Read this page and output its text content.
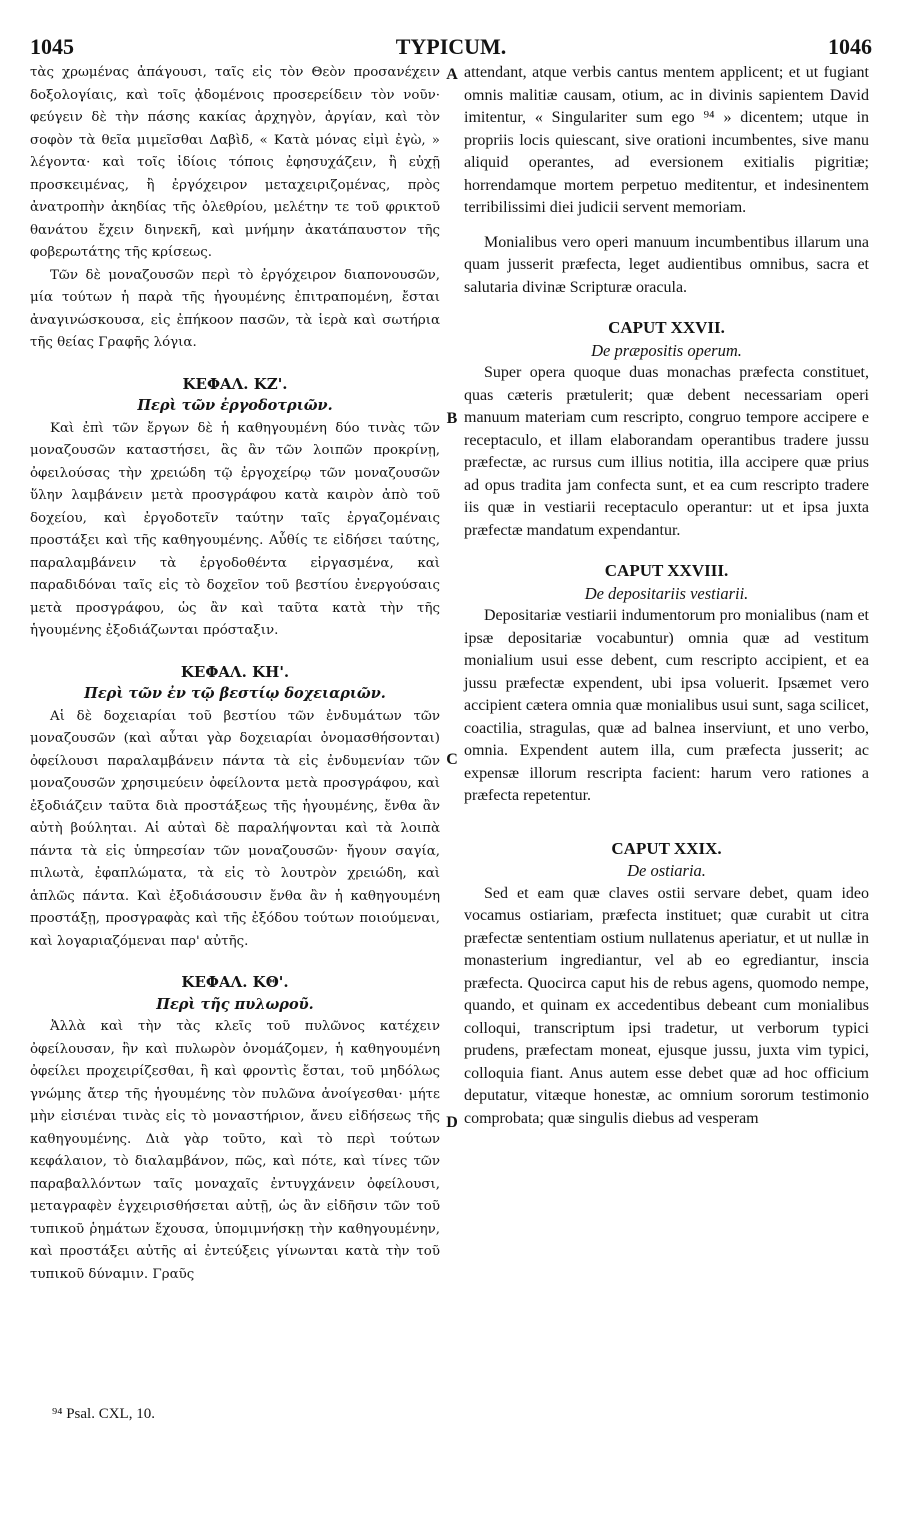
1045	TYPICUM.	1046

τὰς χρωμένας ἀπάγουσι, ταῖς εἰς τὸν Θεὸν προσανέχειν δοξολογίαις, καὶ τοῖς ᾀδομένοις προσερείδειν τὸν νοῦν· φεύγειν δὲ τὴν πάσης κακίας ἀρχηγὸν, ἀργίαν, καὶ τὸν σοφὸν τὰ θεῖα μιμεῖσθαι Δαβὶδ, « Κατὰ μόνας εἰμὶ ἐγὼ, » λέγοντα· καὶ τοῖς ἰδίοις τόποις ἐφησυχάζειν, ἢ εὐχῇ προσκειμένας, ἢ ἐργόχειρον μεταχειριζομένας, πρὸς ἀνατροπὴν ἀκηδίας τῆς ὀλεθρίου, μελέτην τε τοῦ φρικτοῦ θανάτου ἔχειν διηνεκῆ, καὶ μνήμην ἀκατάπαυστον τῆς φοβερωτάτης τῆς κρίσεως.

Τῶν δὲ μοναζουσῶν περὶ τὸ ἐργόχειρον διαπονουσῶν, μία τούτων ἡ παρὰ τῆς ἡγουμένης ἐπιτραπομένη, ἔσται ἀναγινώσκουσα, εἰς ἐπήκοον πασῶν, τὰ ἱερὰ καὶ σωτήρια τῆς θείας Γραφῆς λόγια.

ΚΕΦΑΛ. ΚΖ'.
Περὶ τῶν ἐργοδοτριῶν.

Καὶ ἐπὶ τῶν ἔργων δὲ ἡ καθηγουμένη δύο τινὰς τῶν μοναζουσῶν καταστήσει, ἃς ἂν τῶν λοιπῶν προκρίνῃ, ὀφειλούσας τὴν χρειώδη τῷ ἐργοχείρῳ τῶν μοναζουσῶν ὕλην λαμβάνειν μετὰ προσγράφου κατὰ καιρὸν ἀπὸ τοῦ δοχείου, καὶ ἐργοδοτεῖν ταύτην ταῖς ἐργαζομέναις προστάξει καὶ τῆς καθηγουμένης. Αὖθίς τε εἰδήσει ταύτης, παραλαμβάνειν τὰ ἐργοδοθέντα εἰργασμένα, καὶ παραδιδόναι ταῖς εἰς τὸ δοχεῖον τοῦ βεστίου ἐνεργούσαις μετὰ προσγράφου, ὡς ἂν καὶ ταῦτα κατὰ τὴν τῆς ἡγουμένης ἐξοδιάζωνται πρόσταξιν.

ΚΕΦΑΛ. ΚΗ'.
Περὶ τῶν ἐν τῷ βεστίῳ δοχειαριῶν.

Αἱ δὲ δοχειαρίαι τοῦ βεστίου τῶν ἐνδυμάτων τῶν μοναζουσῶν (καὶ αὗται γὰρ δοχειαρίαι ὀνομασθήσονται) ὀφείλουσι παραλαμβάνειν πάντα τὰ εἰς ἐνδυμενίαν τῶν μοναζουσῶν χρησιμεύειν ὀφείλοντα μετὰ προσγράφου, καὶ ἐξοδιάζειν ταῦτα διὰ προστάξεως τῆς ἡγουμένης, ἔνθα ἂν αὐτὴ βούληται. Αἱ αὐταὶ δὲ παραλήψονται καὶ τὰ λοιπὰ πάντα τὰ εἰς ὑπηρεσίαν τῶν μοναζουσῶν· ἤγουν σαγία, πιλωτὰ, ἐφαπλώματα, τὰ εἰς τὸ λουτρὸν χρειώδη, καὶ ἁπλῶς πάντα. Καὶ ἐξοδιάσουσιν ἔνθα ἂν ἡ καθηγουμένη προστάξῃ, προσγραφὰς καὶ τῆς ἐξόδου τούτων ποιούμεναι, καὶ λογαριαζόμεναι παρ' αὐτῆς.

ΚΕΦΑΛ. ΚΘ'.
Περὶ τῆς πυλωροῦ.

Ἀλλὰ καὶ τὴν τὰς κλεῖς τοῦ πυλῶνος κατέχειν ὀφείλουσαν, ἣν καὶ πυλωρὸν ὀνομάζομεν, ἡ καθηγουμένη ὀφείλει προχειρίζεσθαι, ἣ καὶ φροντὶς ἔσται, τοῦ μηδόλως γνώμης ἄτερ τῆς ἡγουμένης τὸν πυλῶνα ἀνοίγεσθαι· μήτε μὴν εἰσιέναι τινὰς εἰς τὸ μοναστήριον, ἄνευ εἰδήσεως τῆς καθηγουμένης. Διὰ γὰρ τοῦτο, καὶ τὸ περὶ τούτων κεφάλαιον, τὸ διαλαμβάνον, πῶς, καὶ πότε, καὶ τίνες τῶν παραβαλλόντων ταῖς μοναχαῖς ἐντυγχάνειν ὀφείλουσι, μεταγραφὲν ἐγχειρισθήσεται αὐτῇ, ὡς ἂν εἰδῆσιν τῶν τοῦ τυπικοῦ ῥημάτων ἔχουσα, ὑπομιμνήσκῃ τὴν καθηγουμένην, καὶ προστάξει αὐτῆς αἱ ἐντεύξεις γίνωνται κατὰ τὴν τοῦ τυπικοῦ δύναμιν. Γραῦς

A
B
C
D

attendant, atque verbis cantus mentem applicent; et ut fugiant omnis malitiæ causam, otium, ac in divinis sapientem David imitentur, « Singulariter sum ego ⁹⁴ » dicentem; utque in propriis locis quiescant, sive orationi incumbentes, sive manu aliquid operantes, ad eversionem exitialis pigritiæ; horrendamque mortem perpetuo meditentur, et indesinentem terribilissimi diei judicii servent memoriam.

Monialibus vero operi manuum incumbentibus illarum una quam jusserit præfecta, leget audientibus omnibus, sacra et salutaria divinæ Scripturæ oracula.

CAPUT XXVII.
De præpositis operum.

Super opera quoque duas monachas præfecta constituet, quas cæteris prætulerit; quæ debent necessariam operi manuum materiam cum rescripto, congruo tempore accipere e receptaculo, et illam elaborandam operantibus tradere jussu præfectæ, ac rursus cum illius notitia, illa accipere quæ prius ad opus tradita jam confecta sunt, et ea cum rescripto tradere iis quæ in vestiarii receptaculo operantur: ut et ipsa juxta præfectæ mandatum expendantur.

CAPUT XXVIII.
De depositariis vestiarii.

Depositariæ vestiarii indumentorum pro monialibus (nam et ipsæ depositariæ vocabuntur) omnia quæ ad vestitum monialium usui esse debent, cum rescripto accipient, et ea jussu præfectæ expendent, ubi ipsa voluerit. Ipsæmet vero accipient cætera omnia quæ monialibus usui sunt, saga scilicet, coactilia, stragulas, quæ ad balnea inserviunt, et uno verbo, omnia. Expendent autem illa, cum præfecta jusserit; ac expensæ illorum rescripta facient: harum vero rationes a præfecta repetentur.

CAPUT XXIX.
De ostiaria.

Sed et eam quæ claves ostii servare debet, quam ideo vocamus ostiariam, præfecta instituet; quæ curabit ut citra præfectæ sententiam ostium nullatenus aperiatur, et ut nullæ in monasterium ingrediantur, vel ab eo egrediantur, inscia præfecta. Quocirca caput his de rebus agens, quomodo nempe, quando, et quinam ex accedentibus debeant cum monialibus colloqui, transcriptum ipsi tradetur, ut verborum typici prudens, præfectam moneat, ejusque jussu, juxta vim typici, colloquia fiant. Anus autem esse debet quæ ad hoc officium deputatur, vitæque honestæ, ac omnium sororum testimonio comprobata; quæ singulis diebus ad vesperam

⁹⁴ Psal. CXL, 10.
